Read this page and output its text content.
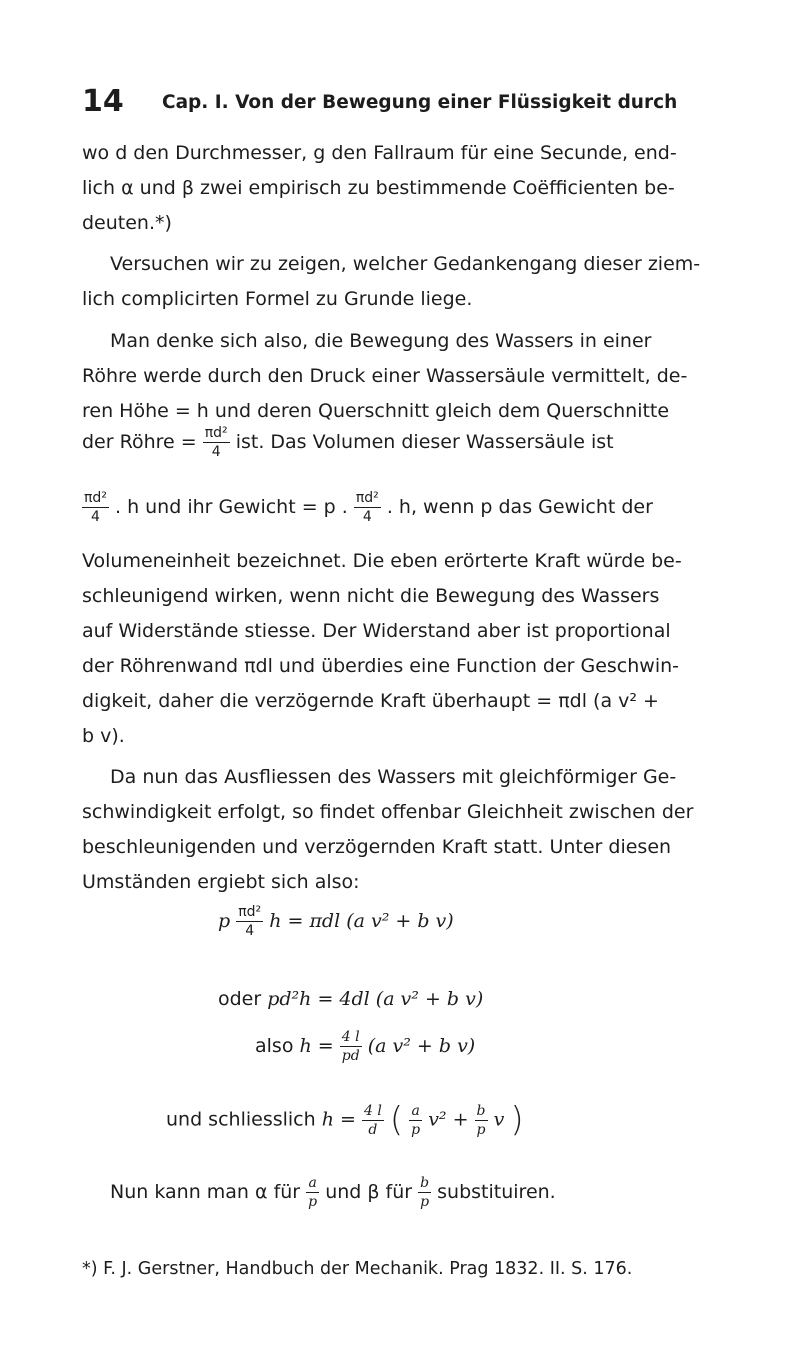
14 Cap. I. Von der Bewegung einer Flüssigkeit durch
wo d den Durchmesser, g den Fallraum für eine Secunde, end-
lich α und β zwei empirisch zu bestimmende Coëfficienten be-
deuten.*)
Versuchen wir zu zeigen, welcher Gedankengang dieser ziem-
lich complicirten Formel zu Grunde liege.
Man denke sich also, die Bewegung des Wassers in einer
Röhre werde durch den Druck einer Wassersäule vermittelt, de-
ren Höhe = h und deren Querschnitt gleich dem Querschnitte
der Röhre = $\frac{\text{πd²}}{4}$ ist. Das Volumen dieser Wassersäule ist
$\frac{\text{πd²}}{4}$ . h und ihr Gewicht = p . $\frac{\text{πd²}}{4}$ . h, wenn p das Gewicht der
Volumeneinheit bezeichnet. Die eben erörterte Kraft würde be-
schleunigend wirken, wenn nicht die Bewegung des Wassers
auf Widerstände stiesse. Der Widerstand aber ist proportional
der Röhrenwand πdl und überdies eine Function der Geschwin-
digkeit, daher die verzögernde Kraft überhaupt = πdl (a v² +
b v).
Da nun das Ausfliessen des Wassers mit gleichförmiger Ge-
schwindigkeit erfolgt, so findet offenbar Gleichheit zwischen der
beschleunigenden und verzögernden Kraft statt. Unter diesen
Umständen ergiebt sich also:
p $\frac{\text{πd²}}{4}$ h = πdl (a v² + b v)
oder pd²h = 4dl (a v² + b v)
also $h = \frac{4 l}{pd} (a$ v² + b v)
und schliesslich $h = \frac{4 l}{d}$ ( $\frac{a}{p} v^2 + \frac{b}{p}$ v )
Nun kann man α für $\frac{a}{p}$ und β für $\frac{b}{p}$ substituiren.
*) F. J. Gerstner, Handbuch der Mechanik. Prag 1832. II. S. 176.
